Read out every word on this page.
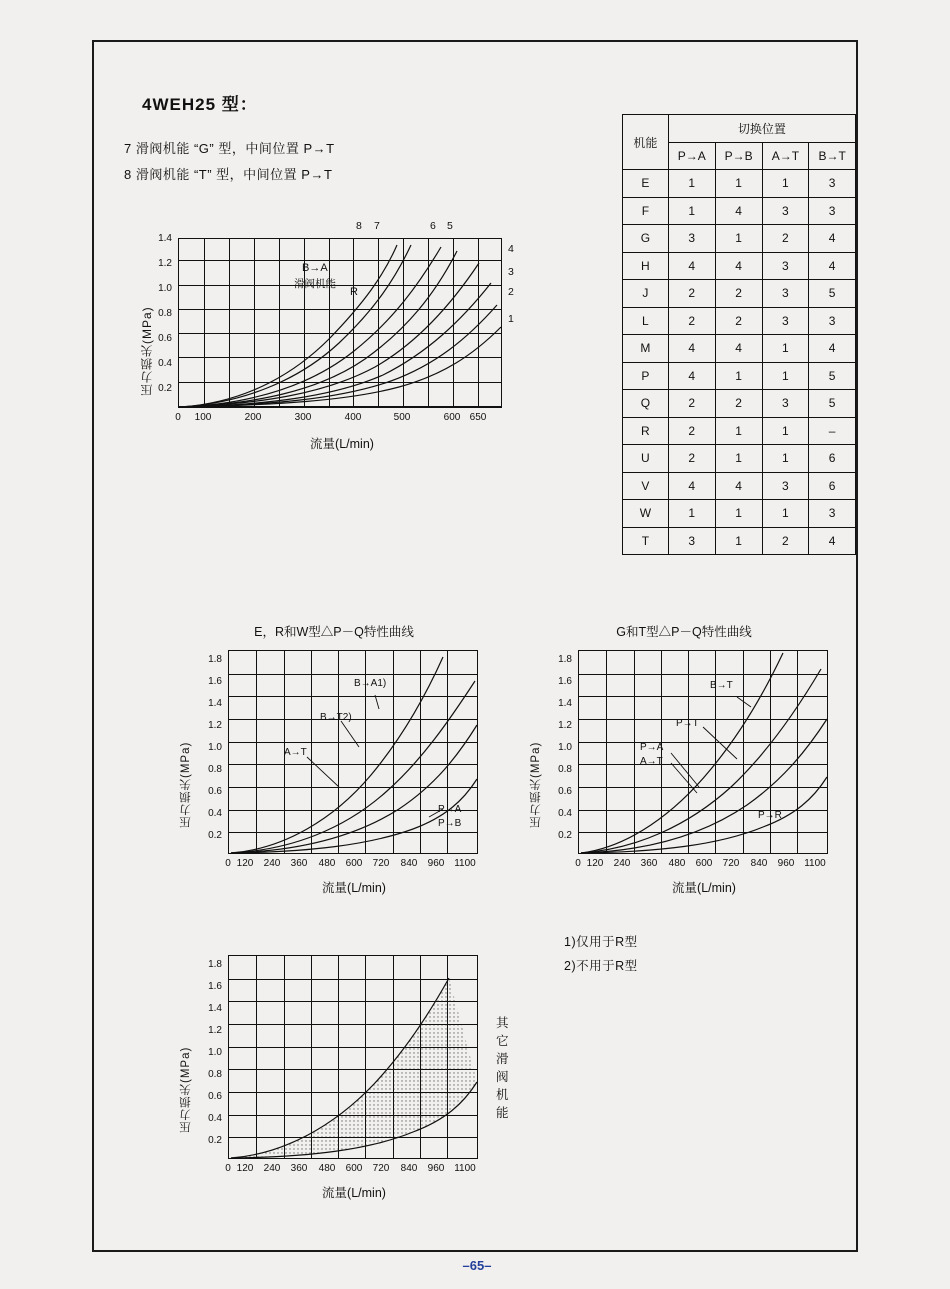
4WEH25 型：
7 滑阀机能 “G” 型，中间位置 P→T
8 滑阀机能 “T” 型，中间位置 P→T
压力损失(MPa)
1.4
1.2
1.0
0.8
0.6
0.4
0.2
8 7	6 5
4
3
2
1
B→A
滑阀机能
R
0	100	200	300	400	500	600 650
流量(L/min)
机能	切换位置			
	P→A	P→B	A→T	B→T
E	1	1	1	3
F	1	4	3	3
G	3	1	2	4
H	4	4	3	4
J	2	2	3	5
L	2	2	3	3
M	4	4	1	4
P	4	1	1	5
Q	2	2	3	5
R	2	1	1	–
U	2	1	1	6
V	4	4	3	6
W	1	1	1	3
T	3	1	2	4
E，R和W型△P－Q特性曲线
压力损失(MPa)
1.8
1.6
1.4
1.2
1.0
0.8
0.6
0.4
0.2
B→A1)
B→T2)
A→T
P→A
P→B
0 120 240 360 480 600 720 840 960 1100
流量(L/min)
G和T型△P－Q特性曲线
压力损失(MPa)
1.8
1.6
1.4
1.2
1.0
0.8
0.6
0.4
0.2
B→T
P→T
P→A
A→T
P→R
0 120 240 360 480 600 720 840 960 1100
流量(L/min)
1)仅用于R型
2)不用于R型
压力损失(MPa)
1.8
1.6
1.4
1.2
1.0
0.8
0.6
0.4
0.2
0 120 240 360 480 600 720 840 960 1100
流量(L/min)
其它滑阀机能
–65–
